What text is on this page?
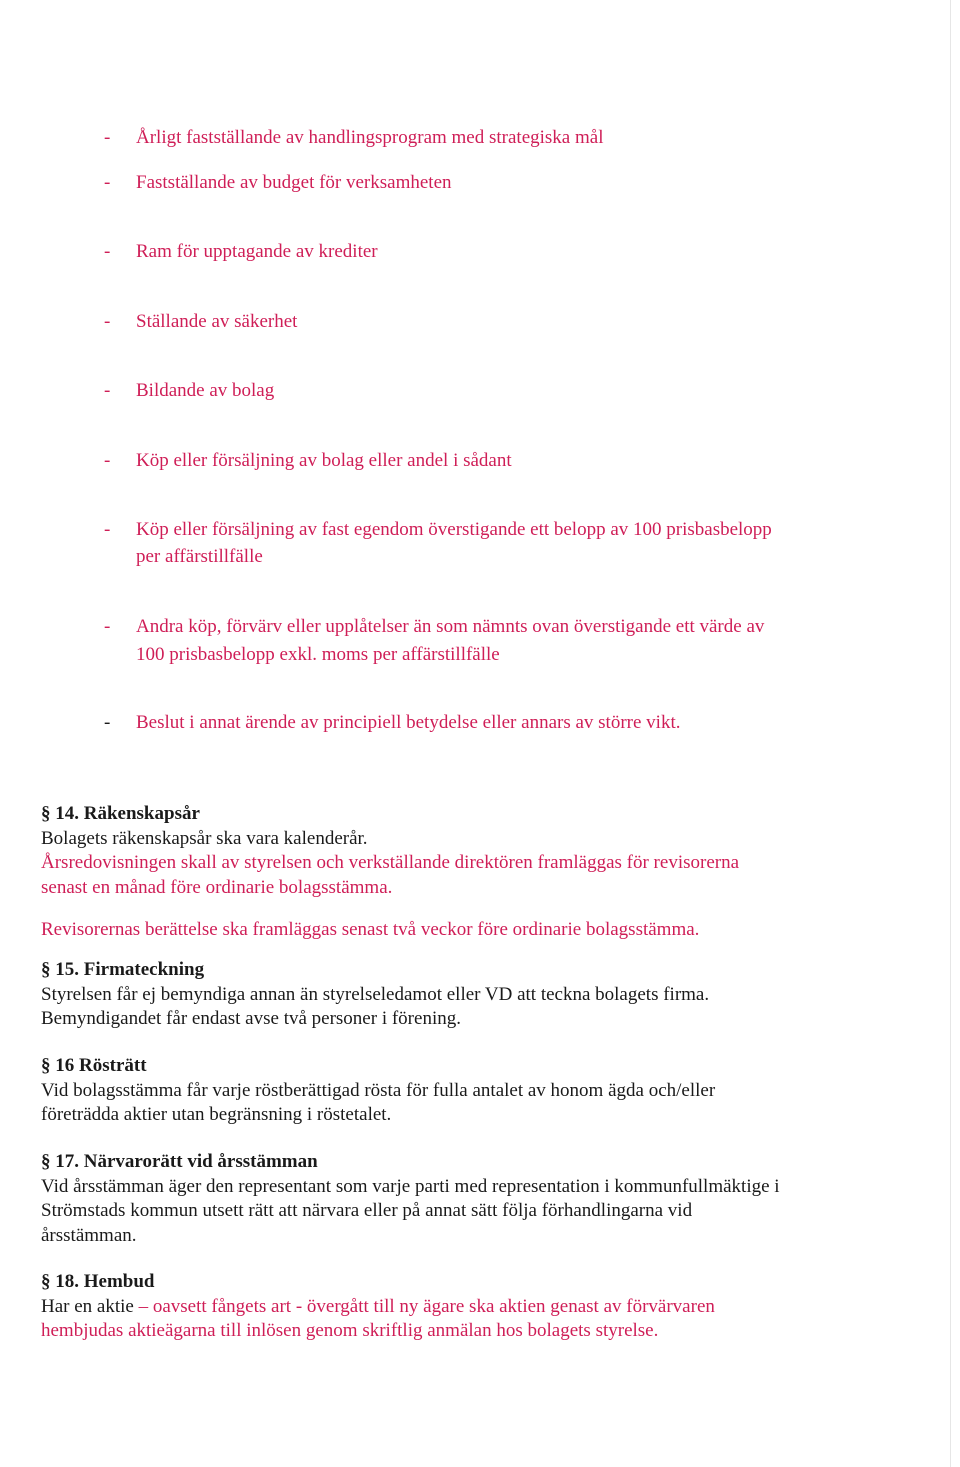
- Årligt fastställande av handlingsprogram med strategiska mål
- Fastställande av budget för verksamheten
- Ram för upptagande av krediter
- Ställande av säkerhet
- Bildande av bolag
- Köp eller försäljning av bolag eller andel i sådant
- Köp eller försäljning av fast egendom överstigande ett belopp av 100 prisbasbelopp
per affärstillfälle
- Andra köp, förvärv eller upplåtelser än som nämnts ovan överstigande ett värde av
100 prisbasbelopp exkl. moms per affärstillfälle
- Beslut i annat ärende av principiell betydelse eller annars av större vikt.
§ 14. Räkenskapsår
Bolagets räkenskapsår ska vara kalenderår.
Årsredovisningen skall av styrelsen och verkställande direktören framläggas för revisorerna
senast en månad före ordinarie bolagsstämma.
Revisorernas berättelse ska framläggas senast två veckor före ordinarie bolagsstämma.
§ 15. Firmateckning
Styrelsen får ej bemyndiga annan än styrelseledamot eller VD att teckna bolagets firma.
Bemyndigandet får endast avse två personer i förening.
§ 16 Rösträtt
Vid bolagsstämma får varje röstberättigad rösta för fulla antalet av honom ägda och/eller
företrädda aktier utan begränsning i röstetalet.
§ 17. Närvarorätt vid årsstämman
Vid årsstämman äger den representant som varje parti med representation i kommunfullmäktige i
Strömstads kommun utsett rätt att närvara eller på annat sätt följa förhandlingarna vid
årsstämman.
§ 18. Hembud
Har en aktie – oavsett fångets art - övergått till ny ägare ska aktien genast av förvärvaren
hembjudas aktieägarna till inlösen genom skriftlig anmälan hos bolagets styrelse.
